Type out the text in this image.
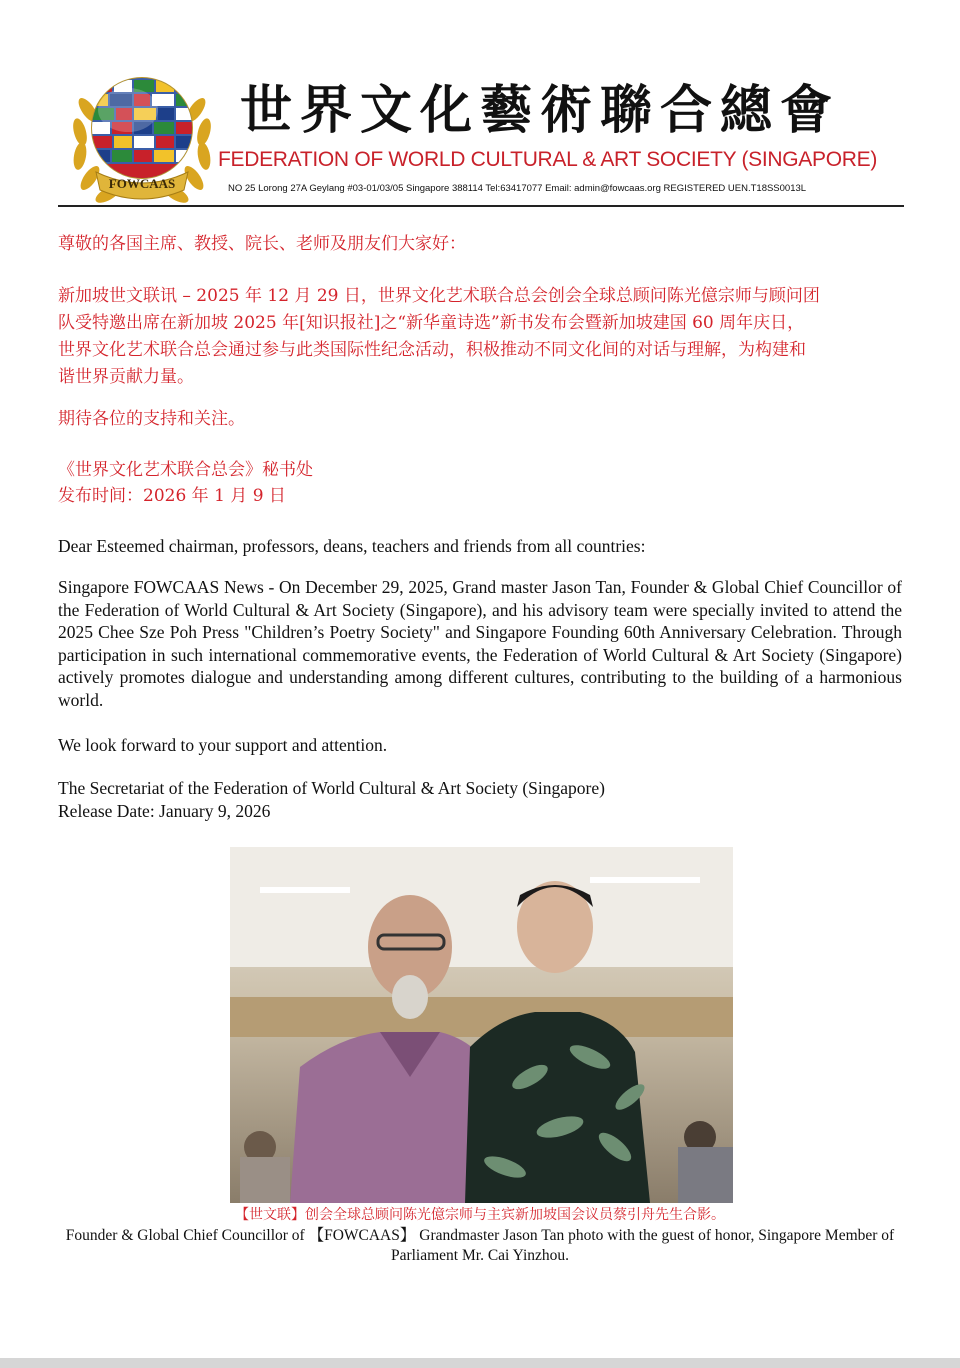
FOWCAAS
世界文化藝術聯合總會
FEDERATION OF WORLD CULTURAL & ART SOCIETY (SINGAPORE)
NO 25 Lorong 27A Geylang #03-01/03/05 Singapore 388114 Tel:63417077 Email: admin@fowcaas.org REGISTERED UEN.T18SS0013L
尊敬的各国主席、教授、院长、老师及朋友们大家好：
新加坡世文联讯 – 2025 年 12 月 29 日，世界文化艺术联合总会创会全球总顾问陈光億宗师与顾问团
队受特邀出席在新加坡 2025 年[知识报社]之“新华童诗选”新书发布会暨新加坡建国 60 周年庆日，
世界文化艺术联合总会通过参与此类国际性纪念活动，积极推动不同文化间的对话与理解，为构建和
谐世界贡献力量。
期待各位的支持和关注。
《世界文化艺术联合总会》秘书处
发布时间：2026 年 1 月 9 日
Dear Esteemed chairman, professors, deans, teachers and friends from all countries:
Singapore FOWCAAS News - On December 29, 2025, Grand master Jason Tan, Founder & Global Chief Councillor of the Federation of World Cultural & Art Society (Singapore), and his advisory team were specially invited to attend the 2025 Chee Sze Poh Press "Children’s Poetry Society" and Singapore Founding 60th Anniversary Celebration. Through participation in such international commemorative events, the Federation of World Cultural & Art Society (Singapore) actively promotes dialogue and understanding among different cultures, contributing to the building of a harmonious world.
We look forward to your support and attention.
The Secretariat of the Federation of World Cultural & Art Society (Singapore)
Release Date: January 9, 2026
【世文联】创会全球总顾问陈光億宗师与主宾新加坡国会议员蔡引舟先生合影。
Founder & Global Chief Councillor of 【FOWCAAS】 Grandmaster Jason Tan photo with the guest of honor, Singapore Member of Parliament Mr. Cai Yinzhou.
